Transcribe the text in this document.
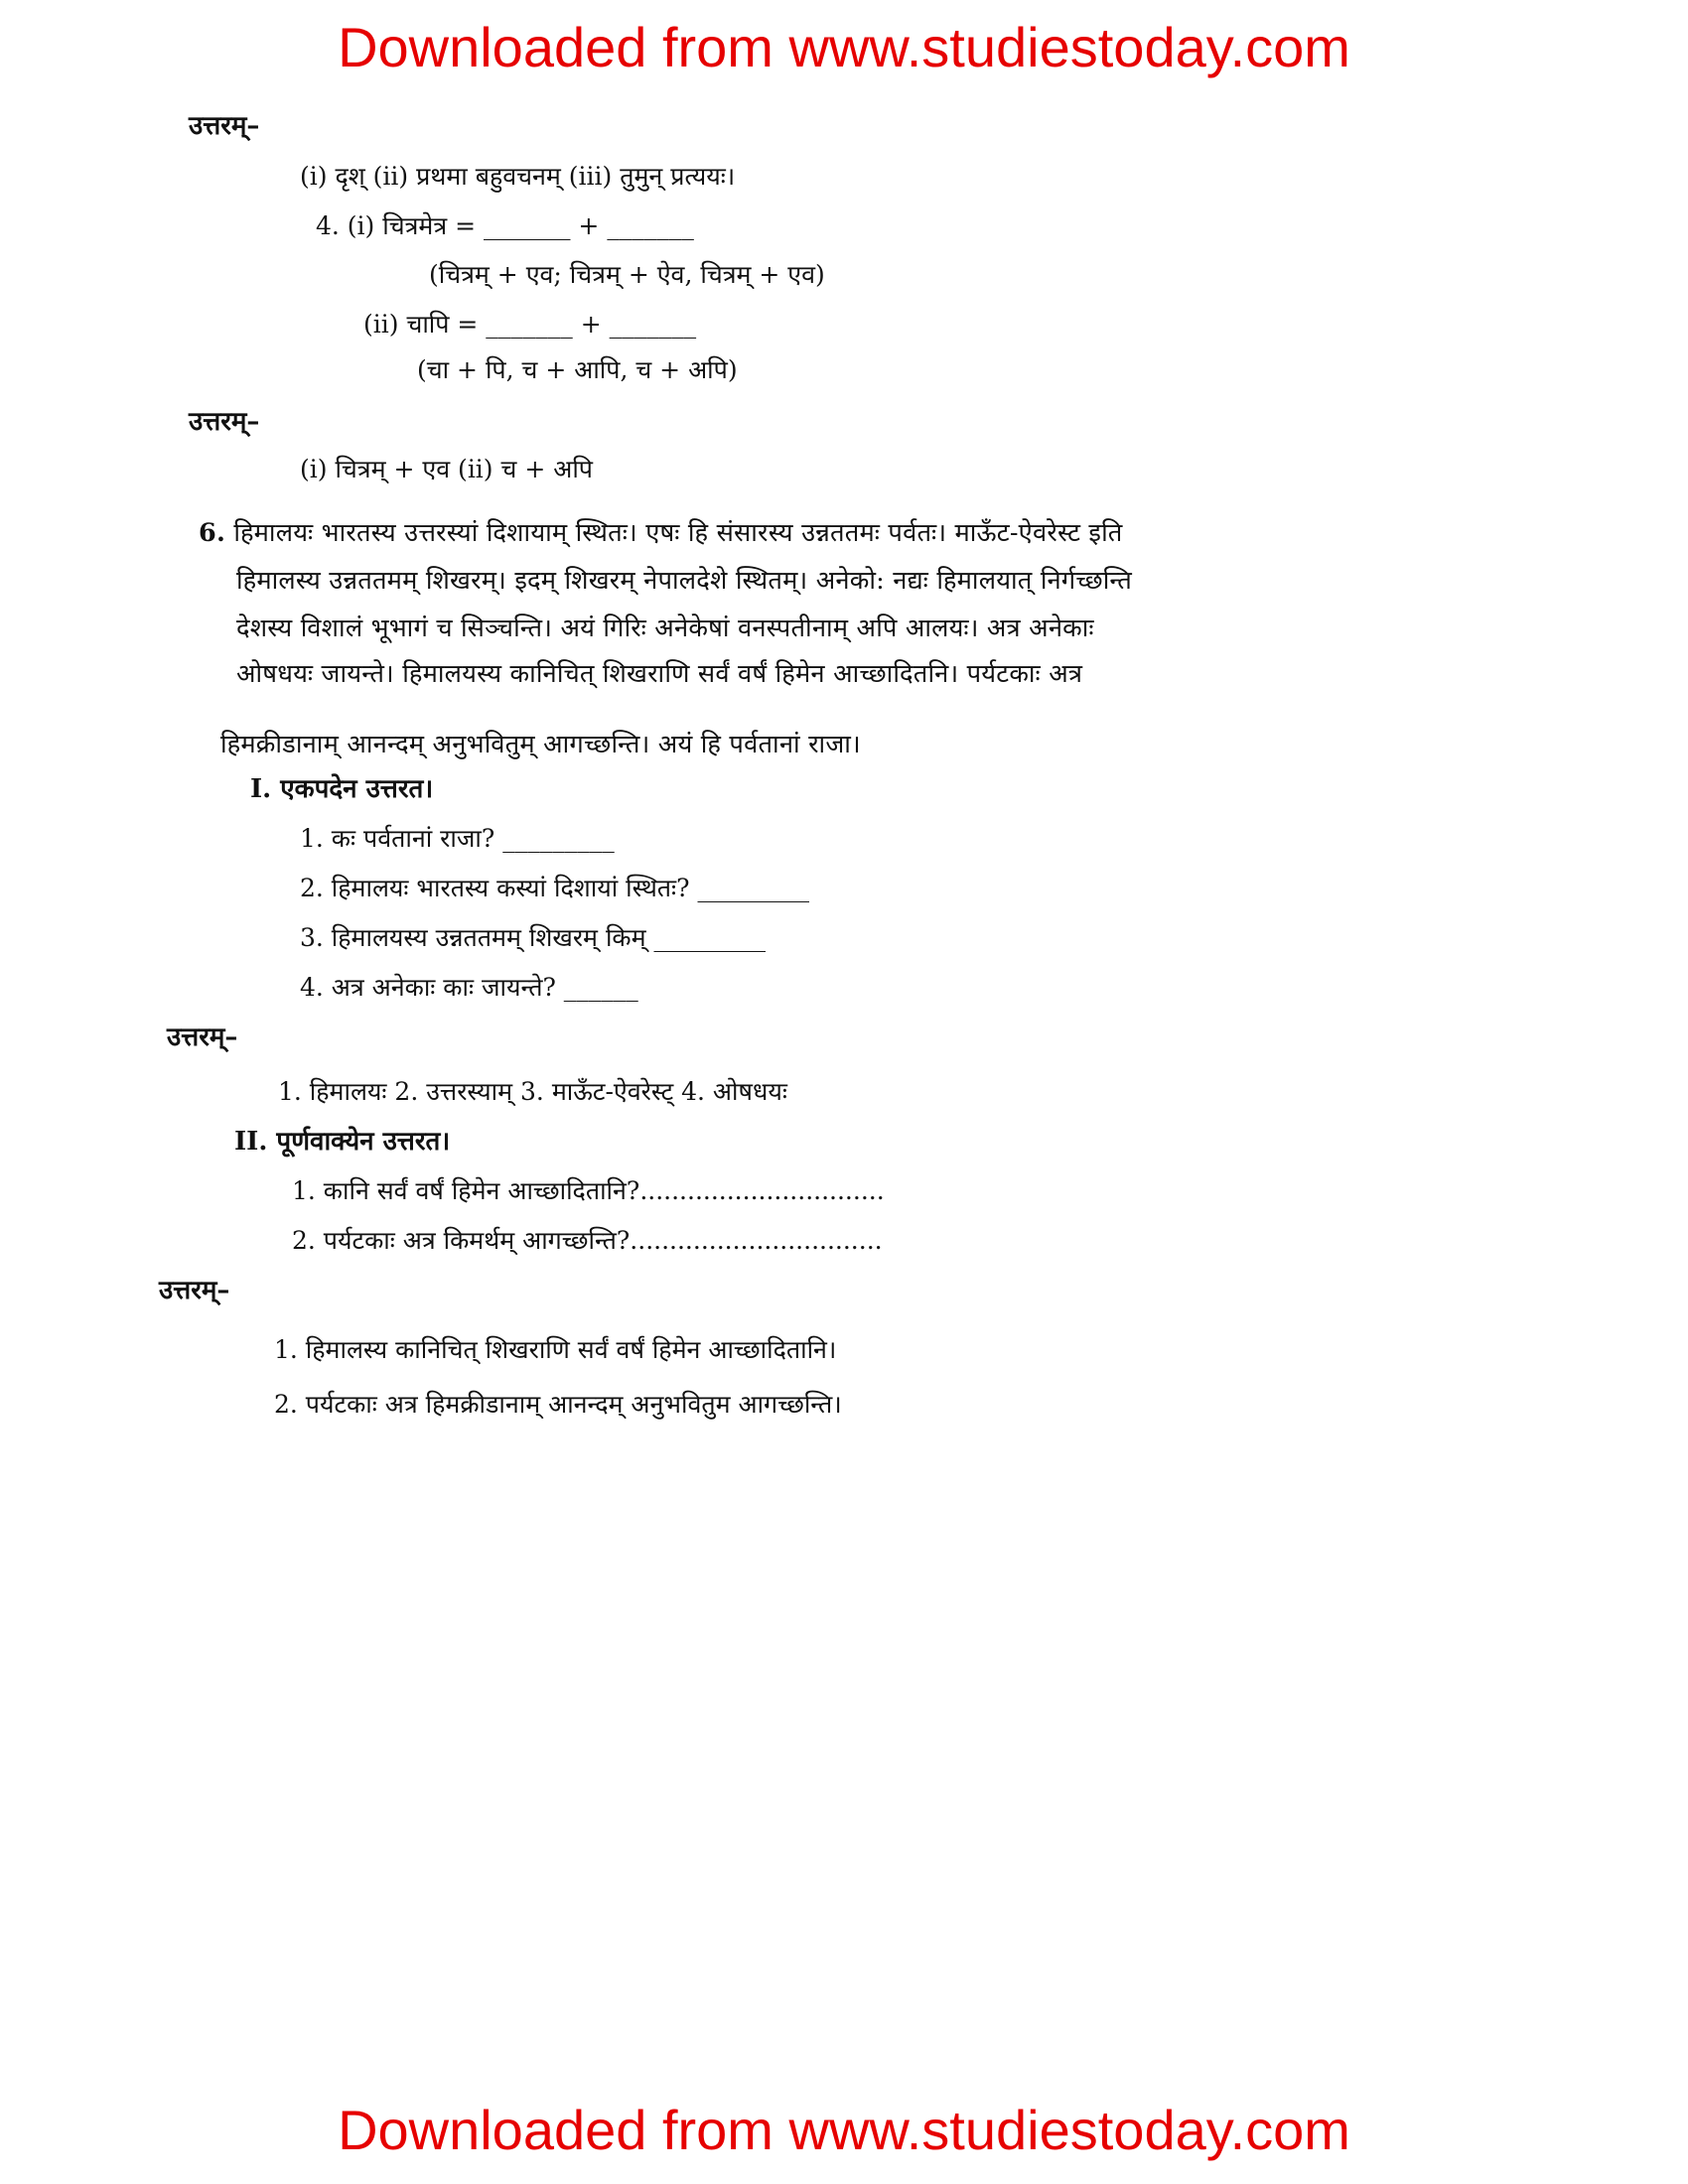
Downloaded from www.studiestoday.com
उत्तरम्–
(i) दृश् (ii) प्रथमा बहुवचनम् (iii) तुमुन् प्रत्ययः।
4. (i) चित्रमेत्र = _______ + _______
(चित्रम् + एव; चित्रम् + ऐव, चित्रम् + एव)
(ii) चापि = _______ + _______
(चा + पि, च + आपि, च + अपि)
उत्तरम्–
(i) चित्रम् + एव (ii) च + अपि
6. हिमालयः भारतस्य उत्तरस्यां दिशायाम् स्थितः। एषः हि संसारस्य उन्नततमः पर्वतः। माऊँट-ऐवरेस्ट इति
हिमालस्य उन्नततमम् शिखरम्। इदम् शिखरम् नेपालदेशे स्थितम्। अनेको: नद्यः हिमालयात् निर्गच्छन्ति
देशस्य विशालं भूभागं च सिञ्चन्ति। अयं गिरिः अनेकेषां वनस्पतीनाम् अपि आलयः। अत्र अनेकाः
ओषधयः जायन्ते। हिमालयस्य कानिचित् शिखराणि सर्वं वर्षं हिमेन आच्छादितनि। पर्यटकाः अत्र
हिमक्रीडानाम् आनन्दम् अनुभवितुम् आगच्छन्ति। अयं हि पर्वतानां राजा।
I. एकपदेन उत्तरत।
1. कः पर्वतानां राजा? _________
2. हिमालयः भारतस्य कस्यां दिशायां स्थितः? _________
3. हिमालयस्य उन्नततमम् शिखरम् किम् _________
4. अत्र अनेकाः काः जायन्ते? ______
उत्तरम्–
1. हिमालयः 2. उत्तरस्याम् 3. माऊँट-ऐवरेस्ट् 4. ओषधयः
II. पूर्णवाक्येन उत्तरत।
1. कानि सर्वं वर्षं हिमेन आच्छादितानि?...............................
2. पर्यटकाः अत्र किमर्थम् आगच्छन्ति?................................
उत्तरम्–
1. हिमालस्य कानिचित् शिखराणि सर्वं वर्षं हिमेन आच्छादितानि।
2. पर्यटकाः अत्र हिमक्रीडानाम् आनन्दम् अनुभवितुम आगच्छन्ति।
Downloaded from www.studiestoday.com
